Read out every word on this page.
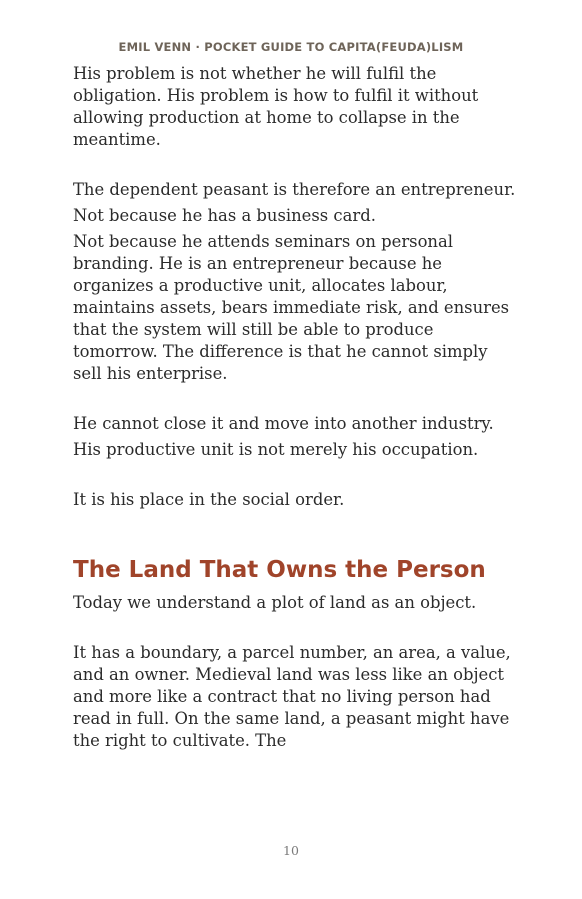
EMIL VENN · POCKET GUIDE TO CAPITA(FEUDA)LISM

His problem is not whether he will fulfil the obligation. His problem is how to fulfil it without allowing production at home to collapse in the meantime.

The dependent peasant is therefore an entrepreneur.

Not because he has a business card.

Not because he attends seminars on personal branding. He is an entrepreneur because he organizes a productive unit, allocates labour, maintains assets, bears immediate risk, and ensures that the system will still be able to produce tomorrow. The difference is that he cannot simply sell his enterprise.

He cannot close it and move into another industry.

His productive unit is not merely his occupation.

It is his place in the social order.

The Land That Owns the Person

Today we understand a plot of land as an object.

It has a boundary, a parcel number, an area, a value, and an owner. Medieval land was less like an object and more like a contract that no living person had read in full. On the same land, a peasant might have the right to cultivate. The

10
